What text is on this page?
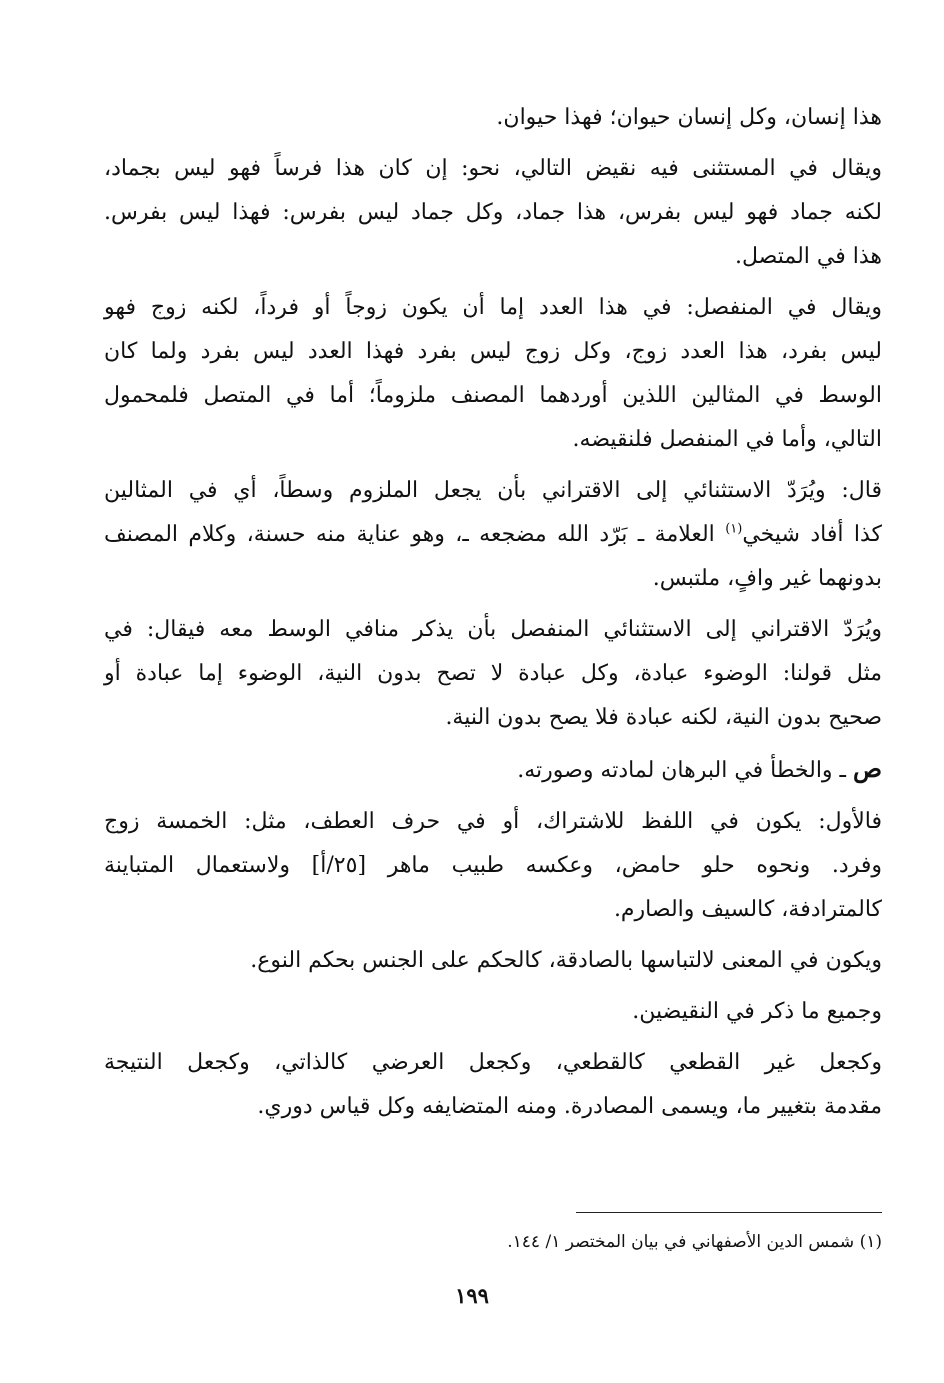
هذا إنسان، وكل إنسان حيوان؛ فهذا حيوان.

ويقال في المستثنى فيه نقيض التالي، نحو: إن كان هذا فرساً فهو ليس بجماد،
لكنه جماد فهو ليس بفرس، هذا جماد، وكل جماد ليس بفرس: فهذا ليس بفرس.
هذا في المتصل.

ويقال في المنفصل: في هذا العدد إما أن يكون زوجاً أو فرداً، لكنه زوج فهو
ليس بفرد، هذا العدد زوج، وكل زوج ليس بفرد فهذا العدد ليس بفرد ولما كان
الوسط في المثالين اللذين أوردهما المصنف ملزوماً؛ أما في المتصل فلمحمول
التالي، وأما في المنفصل فلنقيضه.

قال: ويُرَدّ الاستثنائي إلى الاقتراني بأن يجعل الملزوم وسطاً، أي في المثالين
كذا أفاد شيخي$^{(١)}$ العلامة ـ بَرّد الله مضجعه ـ، وهو عناية منه حسنة، وكلام المصنف
بدونهما غير وافٍ، ملتبس.

ويُرَدّ الاقتراني إلى الاستثنائي المنفصل بأن يذكر منافي الوسط معه فيقال: في
مثل قولنا: الوضوء عبادة، وكل عبادة لا تصح بدون النية، الوضوء إما عبادة أو
صحيح بدون النية، لكنه عبادة فلا يصح بدون النية.

ص ـ والخطأ في البرهان لمادته وصورته.

فالأول: يكون في اللفظ للاشتراك، أو في حرف العطف، مثل: الخمسة زوج
وفرد. ونحوه حلو حامض، وعكسه طبيب ماهر [٢٥/أ] ولاستعمال المتباينة
كالمترادفة، كالسيف والصارم.

ويكون في المعنى لالتباسها بالصادقة، كالحكم على الجنس بحكم النوع.

وجميع ما ذكر في النقيضين.

وكجعل غير القطعي كالقطعي، وكجعل العرضي كالذاتي، وكجعل النتيجة
مقدمة بتغيير ما، ويسمى المصادرة. ومنه المتضايفه وكل قياس دوري.

(١) شمس الدين الأصفهاني في بيان المختصر ١/ ١٤٤.
١٩٩
